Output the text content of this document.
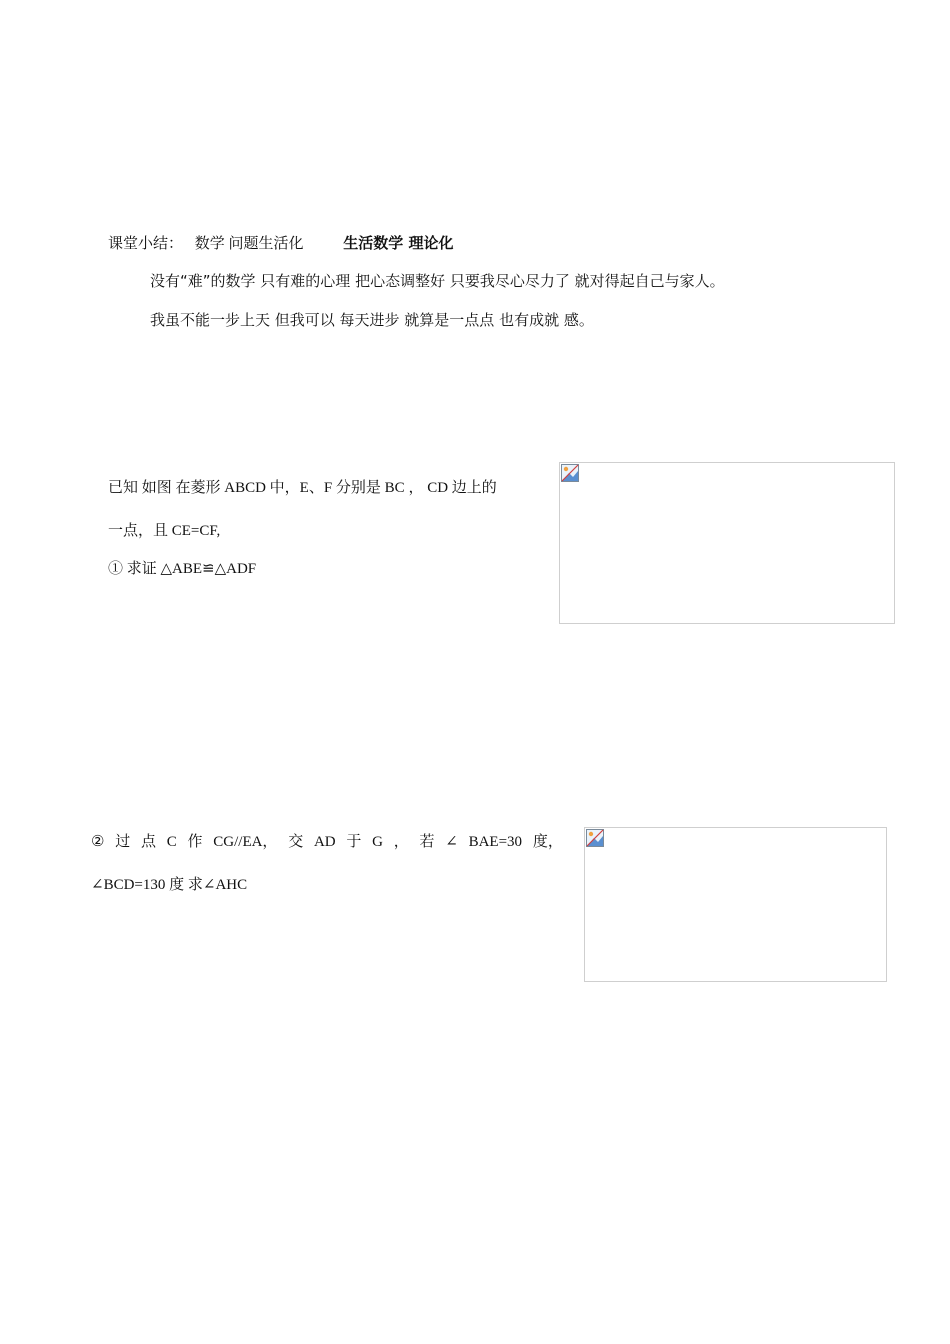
课堂小结： 数学 问题生活化	生活数学 理论化
没有“难”的数学 只有难的心理 把心态调整好 只要我尽心尽力了 就对得起自己与家人。
我虽不能一步上天 但我可以 每天进步 就算是一点点 也有成就 感。
已知 如图 在菱形 ABCD 中，E、F 分别是 BC ， CD 边上的
一点，且 CE=CF,
① 求证 △ABE≌△ADF
② 过 点 C 作 CG//EA， 交 AD 于 G ， 若 ∠ BAE=30 度，
∠BCD=130 度 求∠AHC
